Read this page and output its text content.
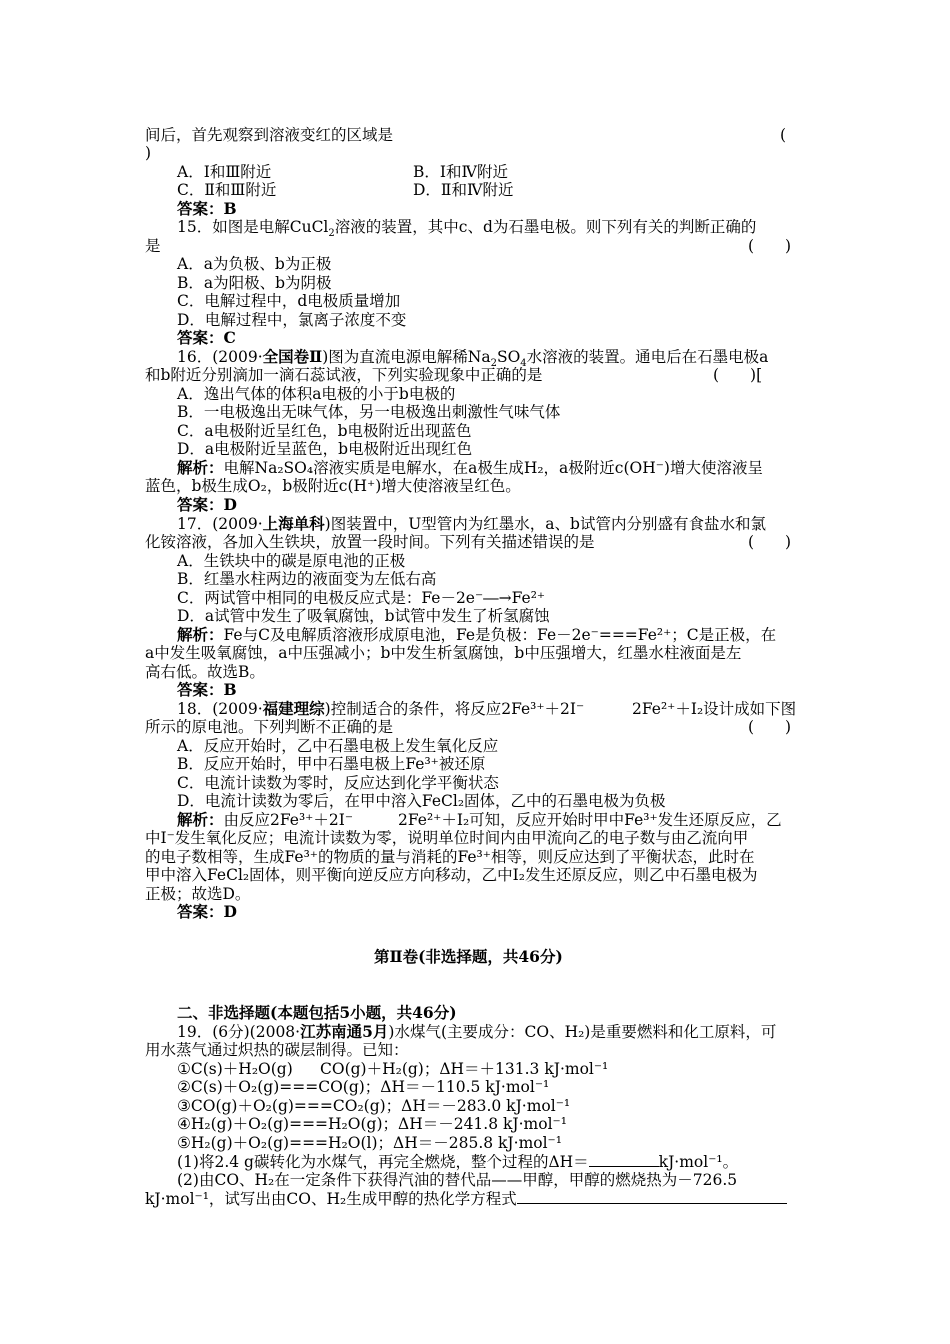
间后，首先观察到溶液变红的区域是	(
)
A．Ⅰ和Ⅲ附近	B．Ⅰ和Ⅳ附近
C．Ⅱ和Ⅲ附近	D．Ⅱ和Ⅳ附近
答案：B
15．如图是电解CuCl$_2$溶液的装置，其中c、d为石墨电极。则下列有关的判断正确的
是	(　　)
A．a为负极、b为正极
B．a为阳极、b为阴极
C．电解过程中，d电极质量增加
D．电解过程中，氯离子浓度不变
答案：C
16．(2009·全国卷Ⅱ)图为直流电源电解稀$Na_2SO_4$水溶液的装置。通电后在石墨电极a
和b附近分别滴加一滴石蕊试液，下列实验现象中正确的是	(　　)[
A．逸出气体的体积a电极的小于b电极的
B．一电极逸出无味气体，另一电极逸出刺激性气味气体
C．a电极附近呈红色，b电极附近出现蓝色
D．a电极附近呈蓝色，b电极附近出现红色
解析：电解Na₂SO₄溶液实质是电解水，在a极生成H₂，a极附近c(OH⁻)增大使溶液呈
蓝色，b极生成O₂，b极附近c(H⁺)增大使溶液呈红色。
答案：D
17．(2009·上海单科)图装置中，U型管内为红墨水，a、b试管内分别盛有食盐水和氯
化铵溶液，各加入生铁块，放置一段时间。下列有关描述错误的是	(　　)
A．生铁块中的碳是原电池的正极
B．红墨水柱两边的液面变为左低右高
C．两试管中相同的电极反应式是：Fe－2e⁻―→Fe²⁺
D．a试管中发生了吸氧腐蚀，b试管中发生了析氢腐蚀
解析：Fe与C及电解质溶液形成原电池，Fe是负极：Fe－2e⁻===Fe²⁺；C是正极，在
a中发生吸氧腐蚀，a中压强减小；b中发生析氢腐蚀，b中压强增大，红墨水柱液面是左
高右低。故选B。
答案：B
18．(2009·福建理综)控制适合的条件，将反应2Fe³⁺＋2I⁻	2Fe²⁺＋I₂设计成如下图
所示的原电池。下列判断不正确的是	(　　)
A．反应开始时，乙中石墨电极上发生氧化反应
B．反应开始时，甲中石墨电极上Fe³⁺被还原
C．电流计读数为零时，反应达到化学平衡状态
D．电流计读数为零后，在甲中溶入FeCl₂固体，乙中的石墨电极为负极
解析：由反应2Fe³⁺＋2I⁻	2Fe²⁺＋I₂可知，反应开始时甲中Fe³⁺发生还原反应，乙
中I⁻发生氧化反应；电流计读数为零，说明单位时间内由甲流向乙的电子数与由乙流向甲
的电子数相等，生成Fe³⁺的物质的量与消耗的Fe³⁺相等，则反应达到了平衡状态，此时在
甲中溶入FeCl₂固体，则平衡向逆反应方向移动，乙中I₂发生还原反应，则乙中石墨电极为
正极；故选D。
答案：D
第Ⅱ卷(非选择题，共46分)
二、非选择题(本题包括5小题，共46分)
19．(6分)(2008·江苏南通5月)水煤气(主要成分：CO、H₂)是重要燃料和化工原料，可
用水蒸气通过炽热的碳层制得。已知：
①C(s)＋H₂O(g) CO(g)＋H₂(g)；ΔH＝＋131.3 kJ·mol⁻¹
②C(s)＋O₂(g)===CO(g)；ΔH＝－110.5 kJ·mol⁻¹
③CO(g)＋O₂(g)===CO₂(g)；ΔH＝－283.0 kJ·mol⁻¹
④H₂(g)＋O₂(g)===H₂O(g)；ΔH＝－241.8 kJ·mol⁻¹
⑤H₂(g)＋O₂(g)===H₂O(l)；ΔH＝－285.8 kJ·mol⁻¹
(1)将2.4 g碳转化为水煤气，再完全燃烧，整个过程的ΔH＝	kJ·mol⁻¹。
(2)由CO、H₂在一定条件下获得汽油的替代品——甲醇，甲醇的燃烧热为－726.5
kJ·mol⁻¹，试写出由CO、H₂生成甲醇的热化学方程式
